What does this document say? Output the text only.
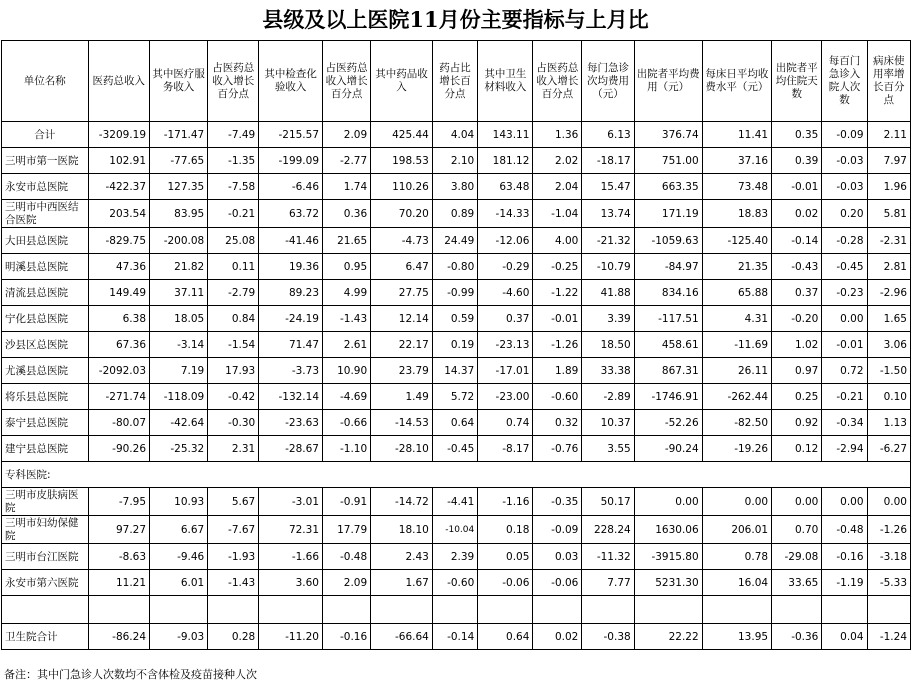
县级及以上医院11月份主要指标与上月比
单位名称	医药总收入	其中医疗服务收入	占医药总收入增长百分点	其中检查化验收入	占医药总收入增长百分点	其中药品收入	药占比增长百分点	其中卫生材料收入	占医药总收入增长百分点	每门急诊次均费用（元）	出院者平均费用（元）	每床日平均收费水平（元）	出院者平均住院天数	每百门急诊入院人次数	病床使用率增长百分点
合计	-3209.19	-171.47	-7.49	-215.57	2.09	425.44	4.04	143.11	1.36	6.13	376.74	11.41	0.35	-0.09	2.11
三明市第一医院	102.91	-77.65	-1.35	-199.09	-2.77	198.53	2.10	181.12	2.02	-18.17	751.00	37.16	0.39	-0.03	7.97
永安市总医院	-422.37	127.35	-7.58	-6.46	1.74	110.26	3.80	63.48	2.04	15.47	663.35	73.48	-0.01	-0.03	1.96
三明市中西医结合医院	203.54	83.95	-0.21	63.72	0.36	70.20	0.89	-14.33	-1.04	13.74	171.19	18.83	0.02	0.20	5.81
大田县总医院	-829.75	-200.08	25.08	-41.46	21.65	-4.73	24.49	-12.06	4.00	-21.32	-1059.63	-125.40	-0.14	-0.28	-2.31
明溪县总医院	47.36	21.82	0.11	19.36	0.95	6.47	-0.80	-0.29	-0.25	-10.79	-84.97	21.35	-0.43	-0.45	2.81
清流县总医院	149.49	37.11	-2.79	89.23	4.99	27.75	-0.99	-4.60	-1.22	41.88	834.16	65.88	0.37	-0.23	-2.96
宁化县总医院	6.38	18.05	0.84	-24.19	-1.43	12.14	0.59	0.37	-0.01	3.39	-117.51	4.31	-0.20	0.00	1.65
沙县区总医院	67.36	-3.14	-1.54	71.47	2.61	22.17	0.19	-23.13	-1.26	18.50	458.61	-11.69	1.02	-0.01	3.06
尤溪县总医院	-2092.03	7.19	17.93	-3.73	10.90	23.79	14.37	-17.01	1.89	33.38	867.31	26.11	0.97	0.72	-1.50
将乐县总医院	-271.74	-118.09	-0.42	-132.14	-4.69	1.49	5.72	-23.00	-0.60	-2.89	-1746.91	-262.44	0.25	-0.21	0.10
泰宁县总医院	-80.07	-42.64	-0.30	-23.63	-0.66	-14.53	0.64	0.74	0.32	10.37	-52.26	-82.50	0.92	-0.34	1.13
建宁县总医院	-90.26	-25.32	2.31	-28.67	-1.10	-28.10	-0.45	-8.17	-0.76	3.55	-90.24	-19.26	0.12	-2.94	-6.27
专科医院:															
三明市皮肤病医院	-7.95	10.93	5.67	-3.01	-0.91	-14.72	-4.41	-1.16	-0.35	50.17	0.00	0.00	0.00	0.00	0.00
三明市妇幼保健院	97.27	6.67	-7.67	72.31	17.79	18.10	-10.04	0.18	-0.09	228.24	1630.06	206.01	0.70	-0.48	-1.26
三明市台江医院	-8.63	-9.46	-1.93	-1.66	-0.48	2.43	2.39	0.05	0.03	-11.32	-3915.80	0.78	-29.08	-0.16	-3.18
永安市第六医院	11.21	6.01	-1.43	3.60	2.09	1.67	-0.60	-0.06	-0.06	7.77	5231.30	16.04	33.65	-1.19	-5.33

卫生院合计	-86.24	-9.03	0.28	-11.20	-0.16	-66.64	-0.14	0.64	0.02	-0.38	22.22	13.95	-0.36	0.04	-1.24
备注：其中门急诊人次数均不含体检及疫苗接种人次
